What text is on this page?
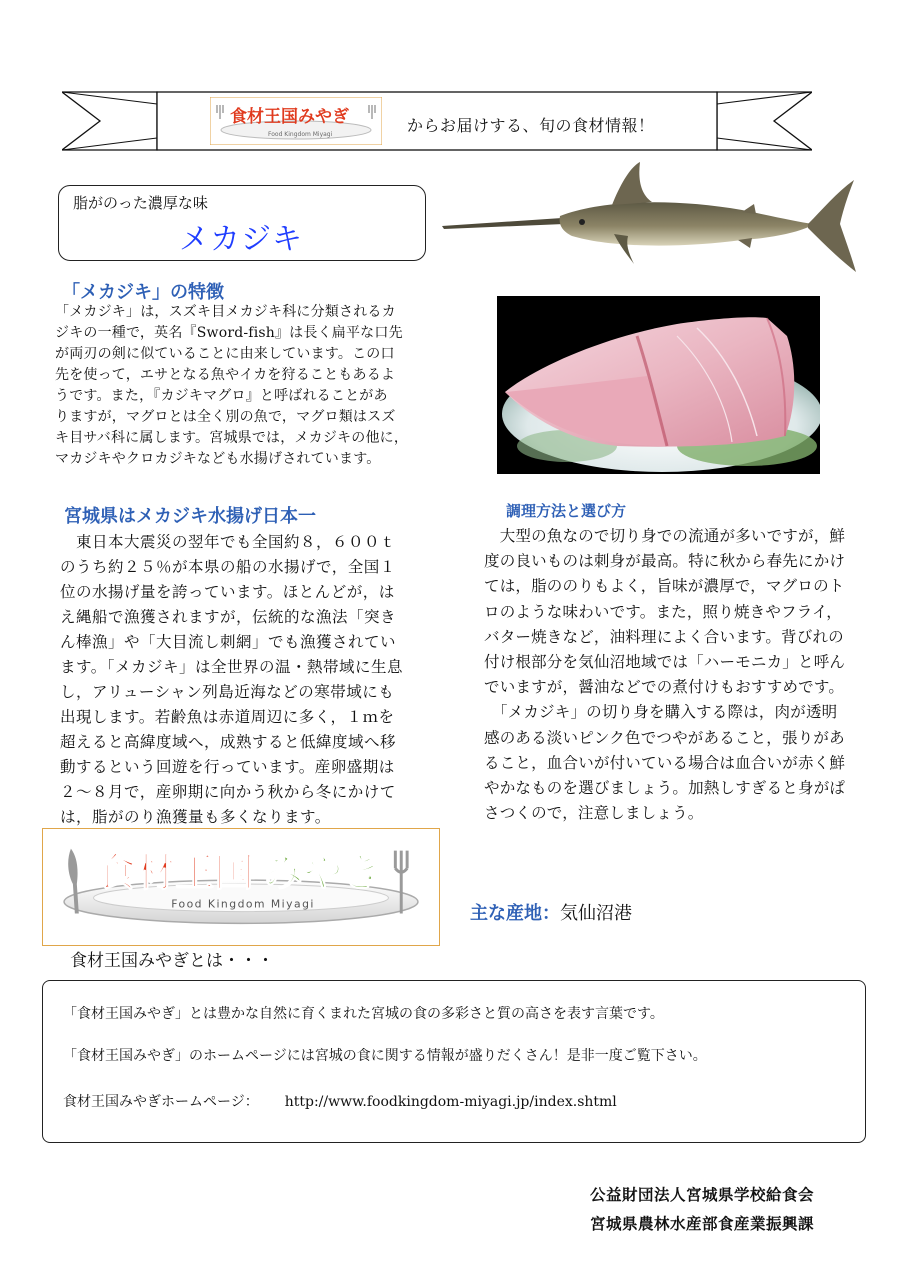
食材王国みやぎ
Food Kingdom Miyagi	からお届けする、旬の食材情報！
脂がのった濃厚な味
メカジキ
「メカジキ」の特徴
「メカジキ」は，スズキ目メカジキ科に分類されるカ
ジキの一種で，英名『Sword-fish』は長く扁平な口先
が両刃の剣に似ていることに由来しています。この口
先を使って，エサとなる魚やイカを狩ることもあるよ
うです。また，『カジキマグロ』と呼ばれることがあ
りますが，マグロとは全く別の魚で，マグロ類はスズ
キ目サバ科に属します。宮城県では，メカジキの他に，
マカジキやクロカジキなども水揚げされています。
宮城県はメカジキ水揚げ日本一
　東日本大震災の翌年でも全国約８，６００ｔ
のうち約２５％が本県の船の水揚げで，全国１
位の水揚げ量を誇っています。ほとんどが，は
え縄船で漁獲されますが，伝統的な漁法「突き
ん棒漁」や「大目流し刺網」でも漁獲されてい
ます。「メカジキ」は全世界の温・熱帯域に生息
し，アリューシャン列島近海などの寒帯域にも
出現します。若齢魚は赤道周辺に多く，１ｍを
超えると高緯度域へ，成熟すると低緯度域へ移
動するという回遊を行っています。産卵盛期は
２～８月で，産卵期に向かう秋から冬にかけて
は，脂がのり漁獲量も多くなります。
調理方法と選び方
　大型の魚なので切り身での流通が多いですが，鮮
度の良いものは刺身が最高。特に秋から春先にかけ
ては，脂ののりもよく，旨味が濃厚で，マグロのト
ロのような味わいです。また，照り焼きやフライ，
バター焼きなど，油料理によく合います。背びれの
付け根部分を気仙沼地域では「ハーモニカ」と呼ん
でいますが，醤油などでの煮付けもおすすめです。
　「メカジキ」の切り身を購入する際は，肉が透明
感のある淡いピンク色でつやがあること，張りがあ
ること，血合いが付いている場合は血合いが赤く鮮
やかなものを選びましょう。加熱しすぎると身がぱ
さつくので，注意しましょう。
食材王国 みやぎ
Food Kingdom Miyagi	主な産地：気仙沼港
食材王国みやぎとは・・・
「食材王国みやぎ」とは豊かな自然に育くまれた宮城の食の多彩さと質の高さを表す言葉です。
「食材王国みやぎ」のホームページには宮城の食に関する情報が盛りだくさん！是非一度ご覧下さい。
食材王国みやぎホームページ： http://www.foodkingdom-miyagi.jp/index.shtml
公益財団法人宮城県学校給食会
宮城県農林水産部食産業振興課
